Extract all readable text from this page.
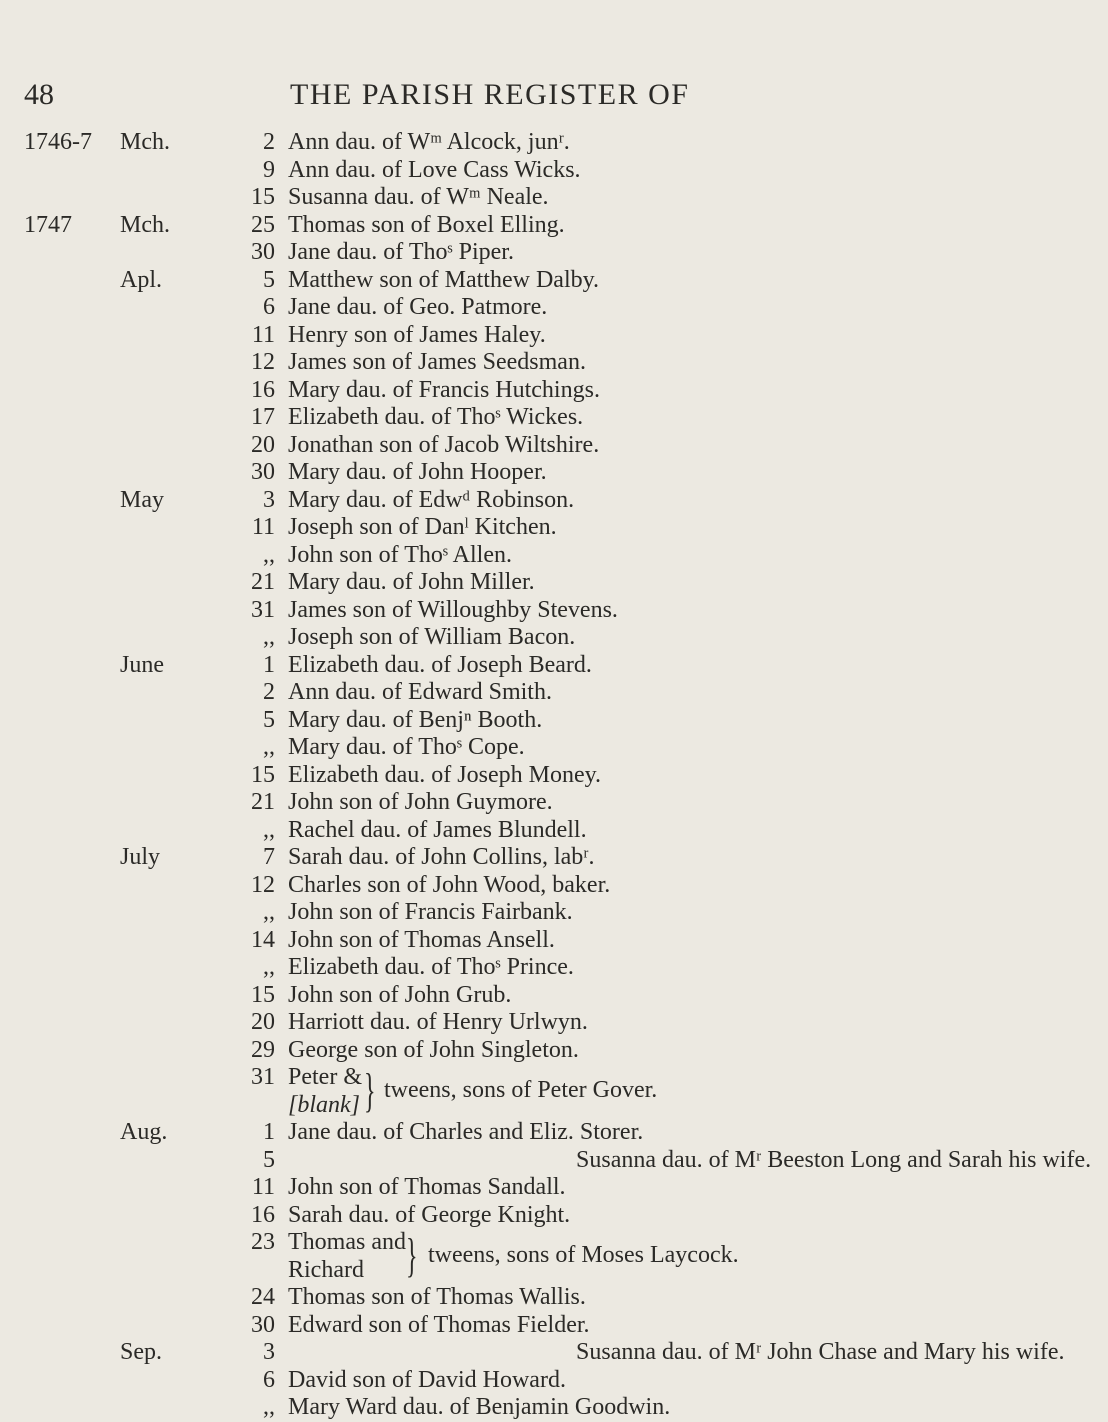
48	THE PARISH REGISTER OF
1746-7	Mch.	2 Ann dau. of Wᵐ Alcock, junʳ.
9 Ann dau. of Love Cass Wicks.
15 Susanna dau. of Wᵐ Neale.
1747	Mch.	25 Thomas son of Boxel Elling.
30 Jane dau. of Thoˢ Piper.
Apl.	5 Matthew son of Matthew Dalby.
6 Jane dau. of Geo. Patmore.
11 Henry son of James Haley.
12 James son of James Seedsman.
16 Mary dau. of Francis Hutchings.
17 Elizabeth dau. of Thoˢ Wickes.
20 Jonathan son of Jacob Wiltshire.
30 Mary dau. of John Hooper.
May	3 Mary dau. of Edwᵈ Robinson.
11 Joseph son of Danˡ Kitchen.
,, John son of Thoˢ Allen.
21 Mary dau. of John Miller.
31 James son of Willoughby Stevens.
,, Joseph son of William Bacon.
June	1 Elizabeth dau. of Joseph Beard.
2 Ann dau. of Edward Smith.
5 Mary dau. of Benjⁿ Booth.
,, Mary dau. of Thoˢ Cope.
15 Elizabeth dau. of Joseph Money.
21 John son of John Guymore.
,, Rachel dau. of James Blundell.
July	7 Sarah dau. of John Collins, labʳ.
12 Charles son of John Wood, baker.
,, John son of Francis Fairbank.
14 John son of Thomas Ansell.
,, Elizabeth dau. of Thoˢ Prince.
15 John son of John Grub.
20 Harriott dau. of Henry Urlwyn.
29 George son of John Singleton.
31 Peter &
[blank] } tweens, sons of Peter Gover.
Aug.	1 Jane dau. of Charles and Eliz. Storer.
5	Susanna dau. of Mʳ Beeston Long and Sarah his wife.
11 John son of Thomas Sandall.
16 Sarah dau. of George Knight.
23 Thomas and
Richard } tweens, sons of Moses Laycock.
24 Thomas son of Thomas Wallis.
30 Edward son of Thomas Fielder.
Sep.	3	Susanna dau. of Mʳ John Chase and Mary his wife.
6 David son of David Howard.
,, Mary Ward dau. of Benjamin Goodwin.
